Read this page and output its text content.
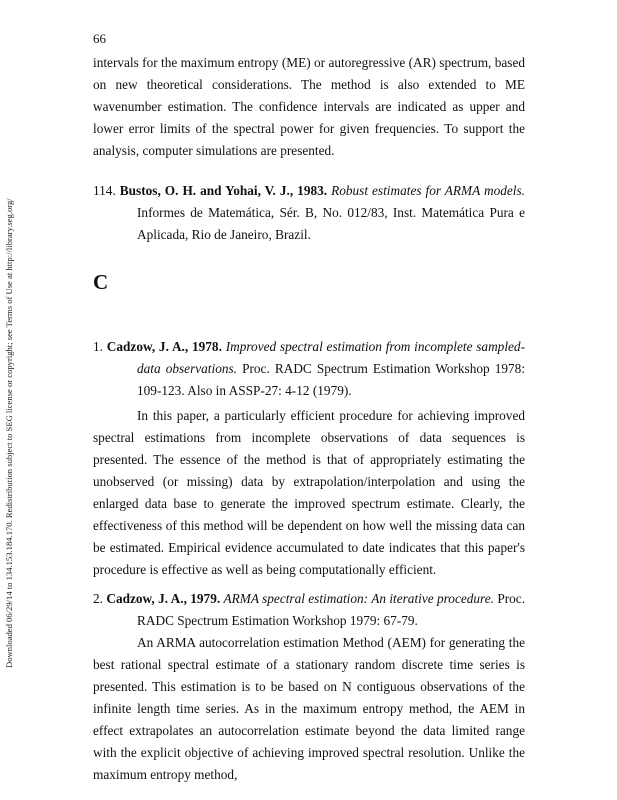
Downloaded 06/29/14 to 134.153.184.170. Redistribution subject to SEG license or copyright; see Terms of Use at http://library.seg.org/
66

intervals for the maximum entropy (ME) or autoregressive (AR) spectrum, based on new theoretical considerations. The method is also extended to ME wavenumber estimation. The confidence intervals are indicated as upper and lower error limits of the spectral power for given frequencies. To support the analysis, computer simulations are presented.

114. Bustos, O. H. and Yohai, V. J., 1983. Robust estimates for ARMA models. Informes de Matemática, Sér. B, No. 012/83, Inst. Matemática Pura e Aplicada, Rio de Janeiro, Brazil.

C

1. Cadzow, J. A., 1978. Improved spectral estimation from incomplete sampled-data observations. Proc. RADC Spectrum Estimation Workshop 1978: 109-123. Also in ASSP-27: 4-12 (1979).

In this paper, a particularly efficient procedure for achieving improved spectral estimations from incomplete observations of data sequences is presented. The essence of the method is that of appropriately estimating the unobserved (or missing) data by extrapolation/interpolation and using the enlarged data base to generate the improved spectrum estimate. Clearly, the effectiveness of this method will be dependent on how well the missing data can be estimated. Empirical evidence accumulated to date indicates that this paper's procedure is effective as well as being computationally efficient.

2. Cadzow, J. A., 1979. ARMA spectral estimation: An iterative procedure. Proc. RADC Spectrum Estimation Workshop 1979: 67-79.

An ARMA autocorrelation estimation Method (AEM) for generating the best rational spectral estimate of a stationary random discrete time series is presented. This estimation is to be based on N contiguous observations of the infinite length time series. As in the maximum entropy method, the AEM in effect extrapolates an autocorrelation estimate beyond the data limited range with the explicit objective of achieving improved spectral resolution. Unlike the maximum entropy method,
